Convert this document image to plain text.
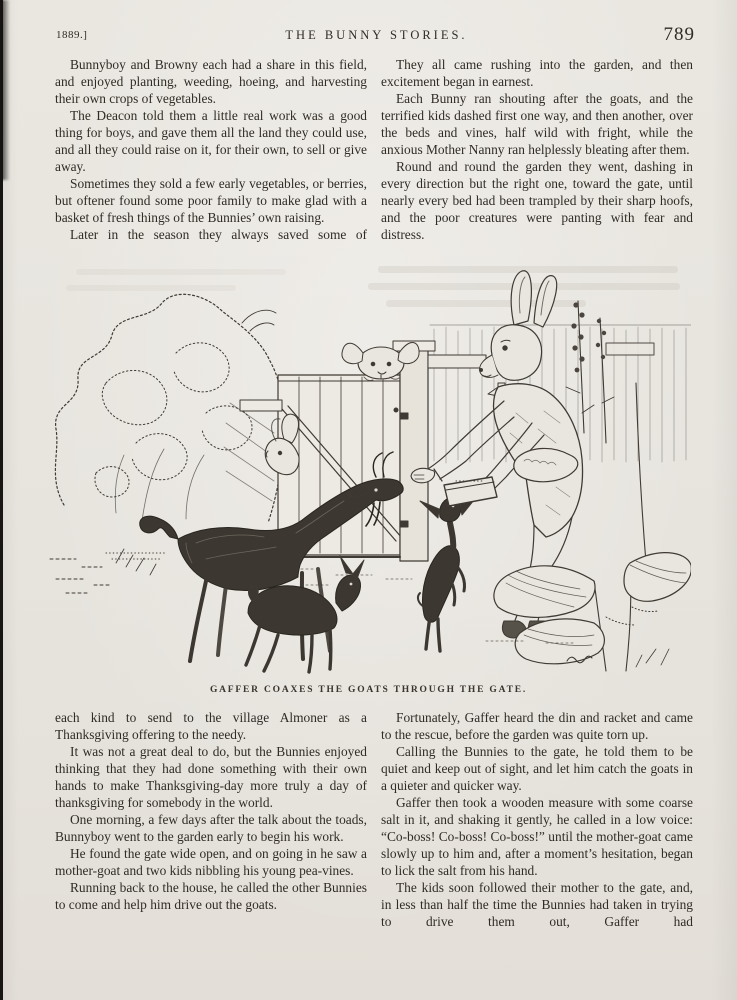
1889.]	THE BUNNY STORIES.	789

Bunnyboy and Browny each had a share in this field, and enjoyed planting, weeding, hoeing, and harvesting their own crops of vegetables.

The Deacon told them a little real work was a good thing for boys, and gave them all the land they could use, and all they could raise on it, for their own, to sell or give away.

Sometimes they sold a few early vegetables, or berries, but oftener found some poor family to make glad with a basket of fresh things of the Bunnies’ own raising.

Later in the season they always saved some of

They all came rushing into the garden, and then excitement began in earnest.

Each Bunny ran shouting after the goats, and the terrified kids dashed first one way, and then another, over the beds and vines, half wild with fright, while the anxious Mother Nanny ran helplessly bleating after them.

Round and round the garden they went, dashing in every direction but the right one, toward the gate, until nearly every bed had been trampled by their sharp hoofs, and the poor creatures were panting with fear and distress.

GAFFER COAXES THE GOATS THROUGH THE GATE.

each kind to send to the village Almoner as a Thanksgiving offering to the needy.

It was not a great deal to do, but the Bunnies enjoyed thinking that they had done something with their own hands to make Thanksgiving-day more truly a day of thanksgiving for somebody in the world.

One morning, a few days after the talk about the toads, Bunnyboy went to the garden early to begin his work.

He found the gate wide open, and on going in he saw a mother-goat and two kids nibbling his young pea-vines.

Running back to the house, he called the other Bunnies to come and help him drive out the goats.

Fortunately, Gaffer heard the din and racket and came to the rescue, before the garden was quite torn up.

Calling the Bunnies to the gate, he told them to be quiet and keep out of sight, and let him catch the goats in a quieter and quicker way.

Gaffer then took a wooden measure with some coarse salt in it, and shaking it gently, he called in a low voice: “Co-boss! Co-boss! Co-boss!” until the mother-goat came slowly up to him and, after a moment’s hesitation, began to lick the salt from his hand.

The kids soon followed their mother to the gate, and, in less than half the time the Bunnies had taken in trying to drive them out, Gaffer had
